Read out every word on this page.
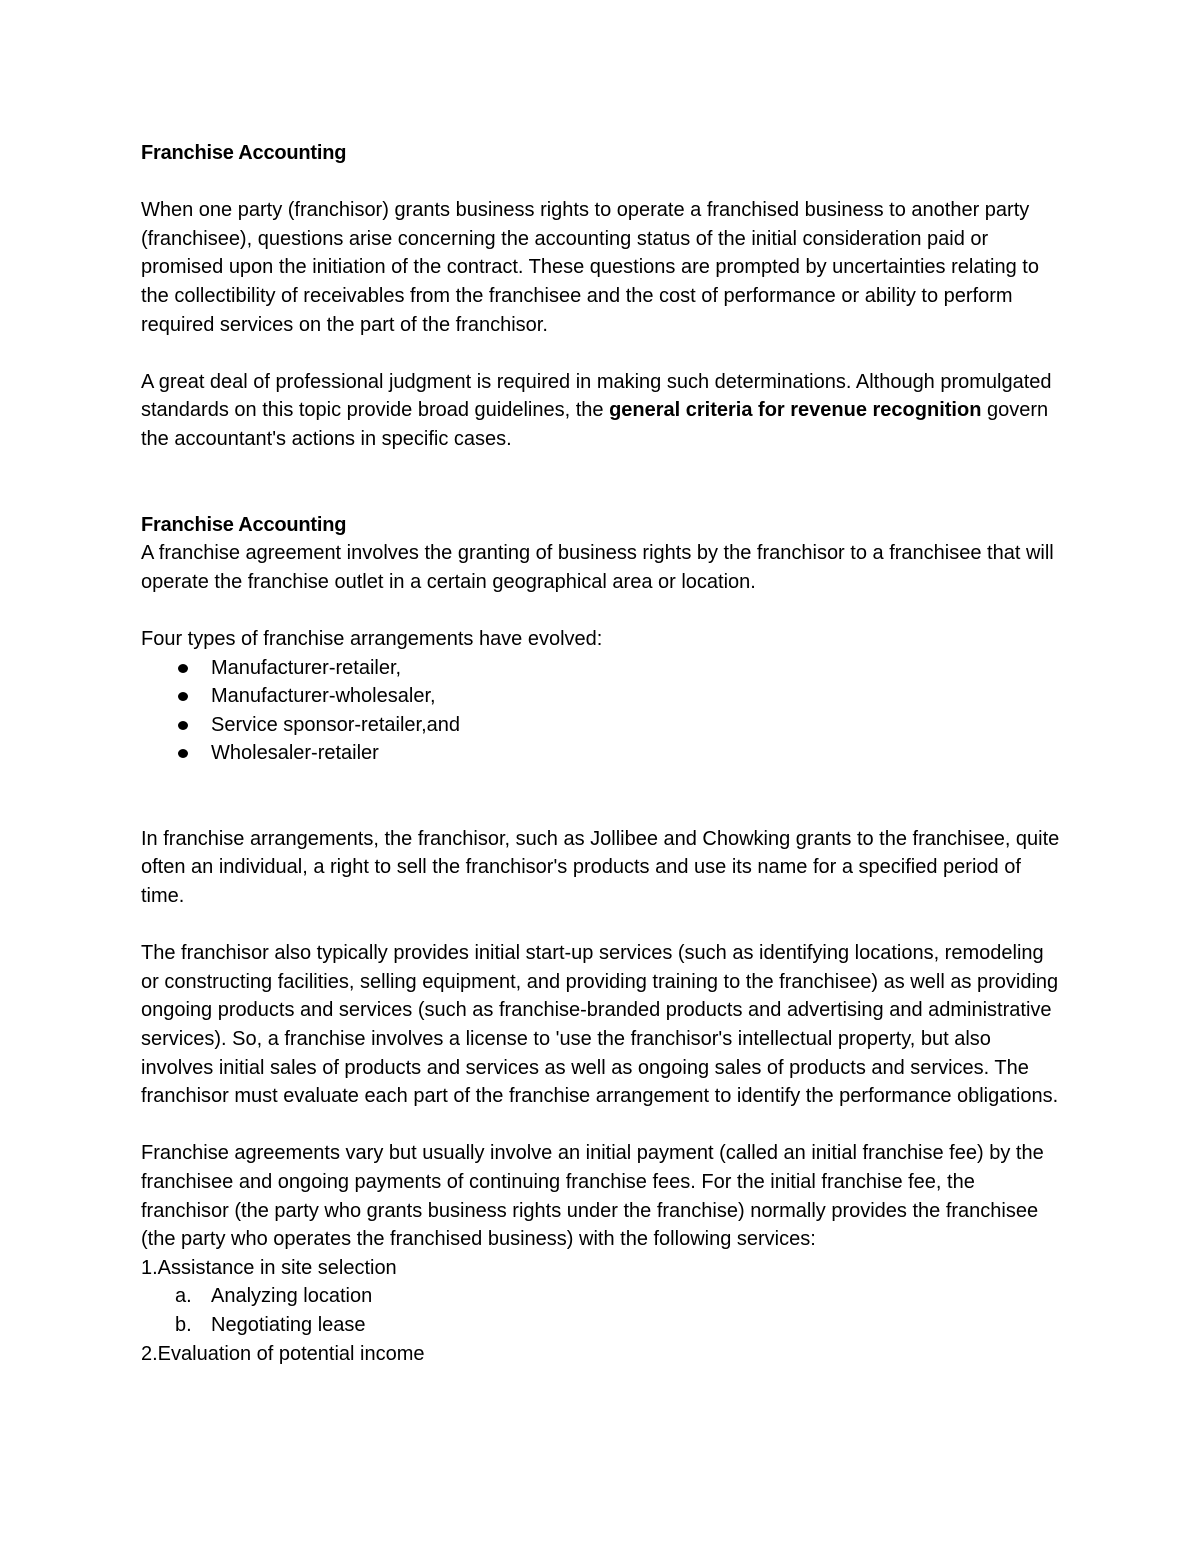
Franchise Accounting

When one party (franchisor) grants business rights to operate a franchised business to another party (franchisee), questions arise concerning the accounting status of the initial consideration paid or promised upon the initiation of the contract. These questions are prompted by uncertainties relating to the collectibility of receivables from the franchisee and the cost of performance or ability to perform required services on the part of the franchisor.

A great deal of professional judgment is required in making such determinations. Although promulgated standards on this topic provide broad guidelines, the general criteria for revenue recognition govern the accountant's actions in specific cases.

Franchise Accounting

A franchise agreement involves the granting of business rights by the franchisor to a franchisee that will operate the franchise outlet in a certain geographical area or location.

Four types of franchise arrangements have evolved:

Manufacturer-retailer,
Manufacturer-wholesaler,
Service sponsor-retailer,and
Wholesaler-retailer

In franchise arrangements, the franchisor, such as Jollibee and Chowking grants to the franchisee, quite often an individual, a right to sell the franchisor's products and use its name for a specified period of time.

The franchisor also typically provides initial start-up services (such as identifying locations, remodeling or constructing facilities, selling equipment, and providing training to the franchisee) as well as providing ongoing products and services (such as franchise-branded products and advertising and administrative services). So, a franchise involves a license to 'use the franchisor's intellectual property, but also involves initial sales of products and services as well as ongoing sales of products and services. The franchisor must evaluate each part of the franchise arrangement to identify the performance obligations.

Franchise agreements vary but usually involve an initial payment (called an initial franchise fee) by the franchisee and ongoing payments of continuing franchise fees. For the initial franchise fee, the franchisor (the party who grants business rights under the franchise) normally provides the franchisee (the party who operates the franchised business) with the following services:

1.Assistance in site selection

a. Analyzing location
b. Negotiating lease

2.Evaluation of potential income
